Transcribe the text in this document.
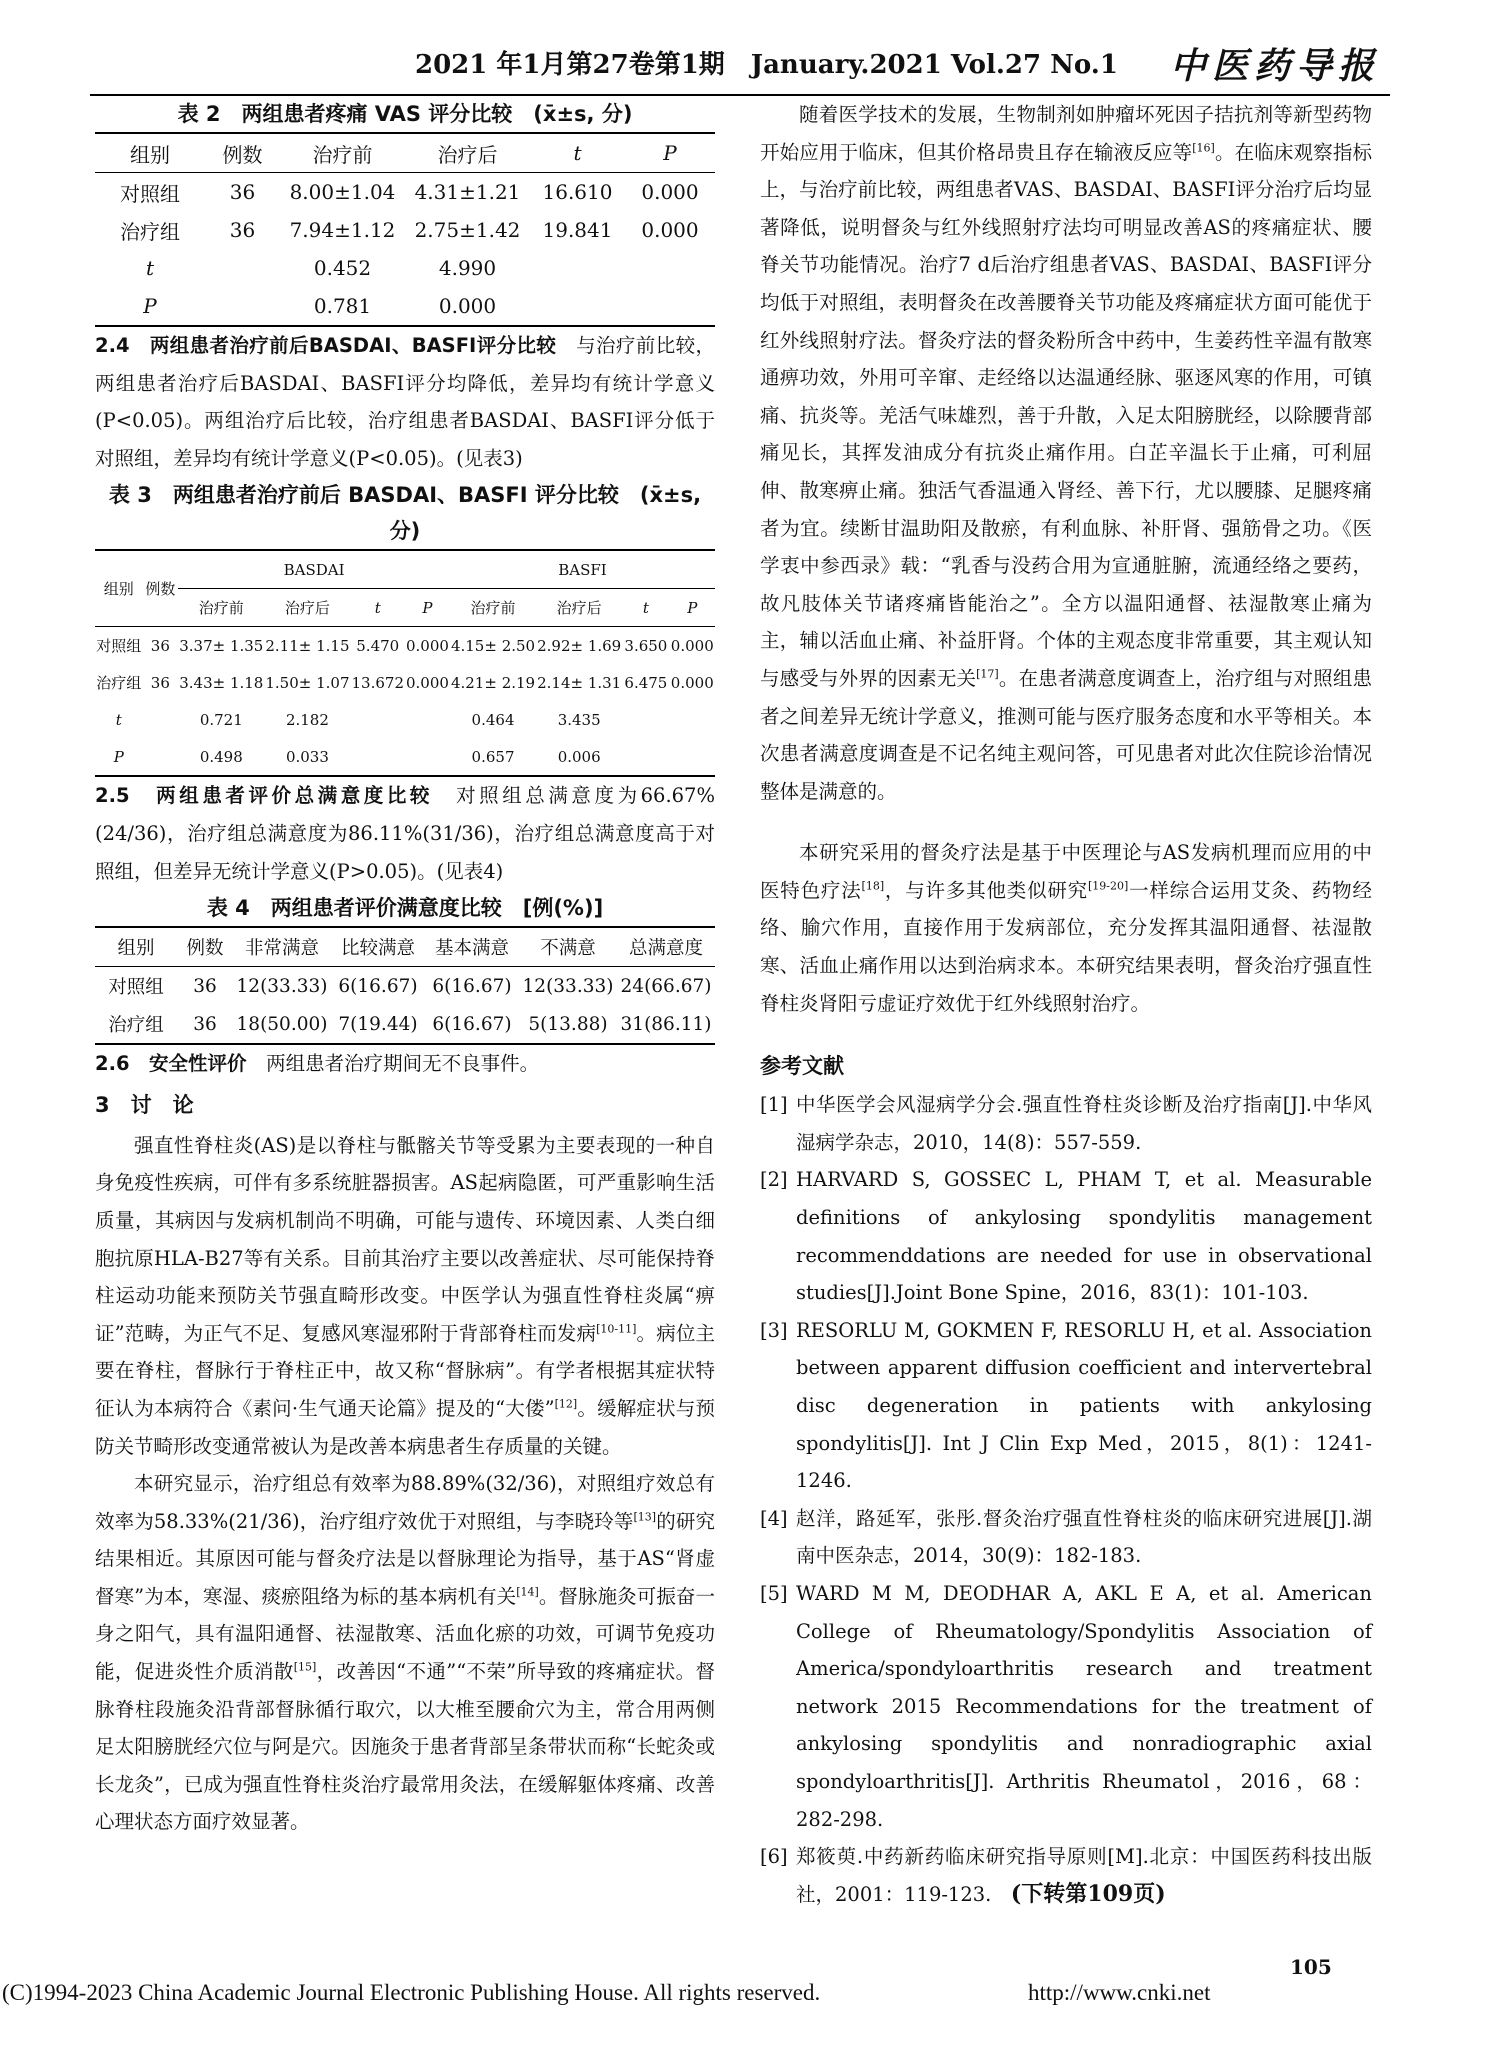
2021 年1月第27卷第1期　January.2021 Vol.27 No.1 中医药导报
表 2　两组患者疼痛 VAS 评分比较　(x̄±s, 分)
组别	例数	治疗前	治疗后	t	P
对照组	36	8.00±1.04	4.31±1.21	16.610	0.000
治疗组	36	7.94±1.12	2.75±1.42	19.841	0.000
t		0.452	4.990		
P		0.781	0.000		

2.4　两组患者治疗前后BASDAI、BASFI评分比较　 与治疗前比较，两组患者治疗后BASDAI、BASFI评分均降低，差异均有统计学意义(P<0.05)。两组治疗后比较，治疗组患者BASDAI、BASFI评分低于对照组，差异均有统计学意义(P<0.05)。(见表3)

表 3　两组患者治疗前后 BASDAI、BASFI 评分比较　(x̄±s, 分)
组别	例数	BASDAI				BASFI			
		治疗前	治疗后	t	P	治疗前	治疗后	t	P
对照组	36	3.37± 1.35	2.11± 1.15	5.470	0.000	4.15± 2.50	2.92± 1.69	3.650	0.000
治疗组	36	3.43± 1.18	1.50± 1.07	13.672	0.000	4.21± 2.19	2.14± 1.31	6.475	0.000
t		0.721	2.182			0.464	3.435		
P		0.498	0.033			0.657	0.006		

2.5　两组患者评价总满意度比较　 对照组总满意度为66.67%(24/36)，治疗组总满意度为86.11%(31/36)，治疗组总满意度高于对照组，但差异无统计学意义(P>0.05)。(见表4)

表 4　两组患者评价满意度比较　[例(%)]
组别	例数	非常满意	比较满意	基本满意	不满意	总满意度
对照组	36	12(33.33)	6(16.67)	6(16.67)	12(33.33)	24(66.67)
治疗组	36	18(50.00)	7(19.44)	6(16.67)	5(13.88)	31(86.11)

2.6　安全性评价　 两组患者治疗期间无不良事件。

3　讨　论

强直性脊柱炎(AS)是以脊柱与骶髂关节等受累为主要表现的一种自身免疫性疾病，可伴有多系统脏器损害。AS起病隐匿，可严重影响生活质量，其病因与发病机制尚不明确，可能与遗传、环境因素、人类白细胞抗原HLA-B27等有关系。目前其治疗主要以改善症状、尽可能保持脊柱运动功能来预防关节强直畸形改变。中医学认为强直性脊柱炎属“痹证”范畴，为正气不足、复感风寒湿邪附于背部脊柱而发病[10-11]。病位主要在脊柱，督脉行于脊柱正中，故又称“督脉病”。有学者根据其症状特征认为本病符合《素问·生气通天论篇》提及的“大偻”[12]。缓解症状与预防关节畸形改变通常被认为是改善本病患者生存质量的关键。

本研究显示，治疗组总有效率为88.89%(32/36)，对照组疗效总有效率为58.33%(21/36)，治疗组疗效优于对照组，与李晓玲等[13]的研究结果相近。其原因可能与督灸疗法是以督脉理论为指导，基于AS“肾虚督寒”为本，寒湿、痰瘀阻络为标的基本病机有关[14]。督脉施灸可振奋一身之阳气，具有温阳通督、祛湿散寒、活血化瘀的功效，可调节免疫功能，促进炎性介质消散[15]，改善因“不通”“不荣”所导致的疼痛症状。督脉脊柱段施灸沿背部督脉循行取穴，以大椎至腰俞穴为主，常合用两侧足太阳膀胱经穴位与阿是穴。因施灸于患者背部呈条带状而称“长蛇灸或长龙灸”，已成为强直性脊柱炎治疗最常用灸法，在缓解躯体疼痛、改善心理状态方面疗效显著。

随着医学技术的发展，生物制剂如肿瘤坏死因子拮抗剂等新型药物开始应用于临床，但其价格昂贵且存在输液反应等[16]。在临床观察指标上，与治疗前比较，两组患者VAS、BASDAI、BASFI评分治疗后均显著降低，说明督灸与红外线照射疗法均可明显改善AS的疼痛症状、腰脊关节功能情况。治疗7 d后治疗组患者VAS、BASDAI、BASFI评分均低于对照组，表明督灸在改善腰脊关节功能及疼痛症状方面可能优于红外线照射疗法。督灸疗法的督灸粉所含中药中，生姜药性辛温有散寒通痹功效，外用可辛窜、走经络以达温通经脉、驱逐风寒的作用，可镇痛、抗炎等。羌活气味雄烈，善于升散，入足太阳膀胱经，以除腰背部痛见长，其挥发油成分有抗炎止痛作用。白芷辛温长于止痛，可利屈伸、散寒痹止痛。独活气香温通入肾经、善下行，尤以腰膝、足腿疼痛者为宜。续断甘温助阳及散瘀，有利血脉、补肝肾、强筋骨之功。《医学衷中参西录》载：“乳香与没药合用为宣通脏腑，流通经络之要药，故凡肢体关节诸疼痛皆能治之”。全方以温阳通督、祛湿散寒止痛为主，辅以活血止痛、补益肝肾。个体的主观态度非常重要，其主观认知与感受与外界的因素无关[17]。在患者满意度调查上，治疗组与对照组患者之间差异无统计学意义，推测可能与医疗服务态度和水平等相关。本次患者满意度调查是不记名纯主观问答，可见患者对此次住院诊治情况整体是满意的。

本研究采用的督灸疗法是基于中医理论与AS发病机理而应用的中医特色疗法[18]，与许多其他类似研究[19-20]一样综合运用艾灸、药物经络、腧穴作用，直接作用于发病部位，充分发挥其温阳通督、祛湿散寒、活血止痛作用以达到治病求本。本研究结果表明，督灸治疗强直性脊柱炎肾阳亏虚证疗效优于红外线照射治疗。

参考文献
[1] 中华医学会风湿病学分会.强直性脊柱炎诊断及治疗指南[J].中华风湿病学杂志，2010，14(8)：557-559.
[2] HARVARD S, GOSSEC L, PHAM T, et al. Measurable definitions of ankylosing spondylitis management recommenddations are needed for use in observational studies[J].Joint Bone Spine，2016，83(1)：101-103.
[3] RESORLU M, GOKMEN F, RESORLU H, et al. Association between apparent diffusion coefficient and intervertebral disc degeneration in patients with ankylosing spondylitis[J]. Int J Clin Exp Med，2015，8(1)：1241-1246.
[4] 赵洋，路延军，张彤.督灸治疗强直性脊柱炎的临床研究进展[J].湖南中医杂志，2014，30(9)：182-183.
[5] WARD M M, DEODHAR A, AKL E A, et al. American College of Rheumatology/Spondylitis Association of America/spondyloarthritis research and treatment network 2015 Recommendations for the treatment of ankylosing spondylitis and nonradiographic axial spondyloarthritis[J]. Arthritis Rheumatol，2016，68：282-298.
[6] 郑筱萸.中药新药临床研究指导原则[M].北京：中国医药科技出版社，2001：119-123.　 (下转第109页)
105
(C)1994-2023 China Academic Journal Electronic Publishing House. All rights reserved.	http://www.cnki.net
